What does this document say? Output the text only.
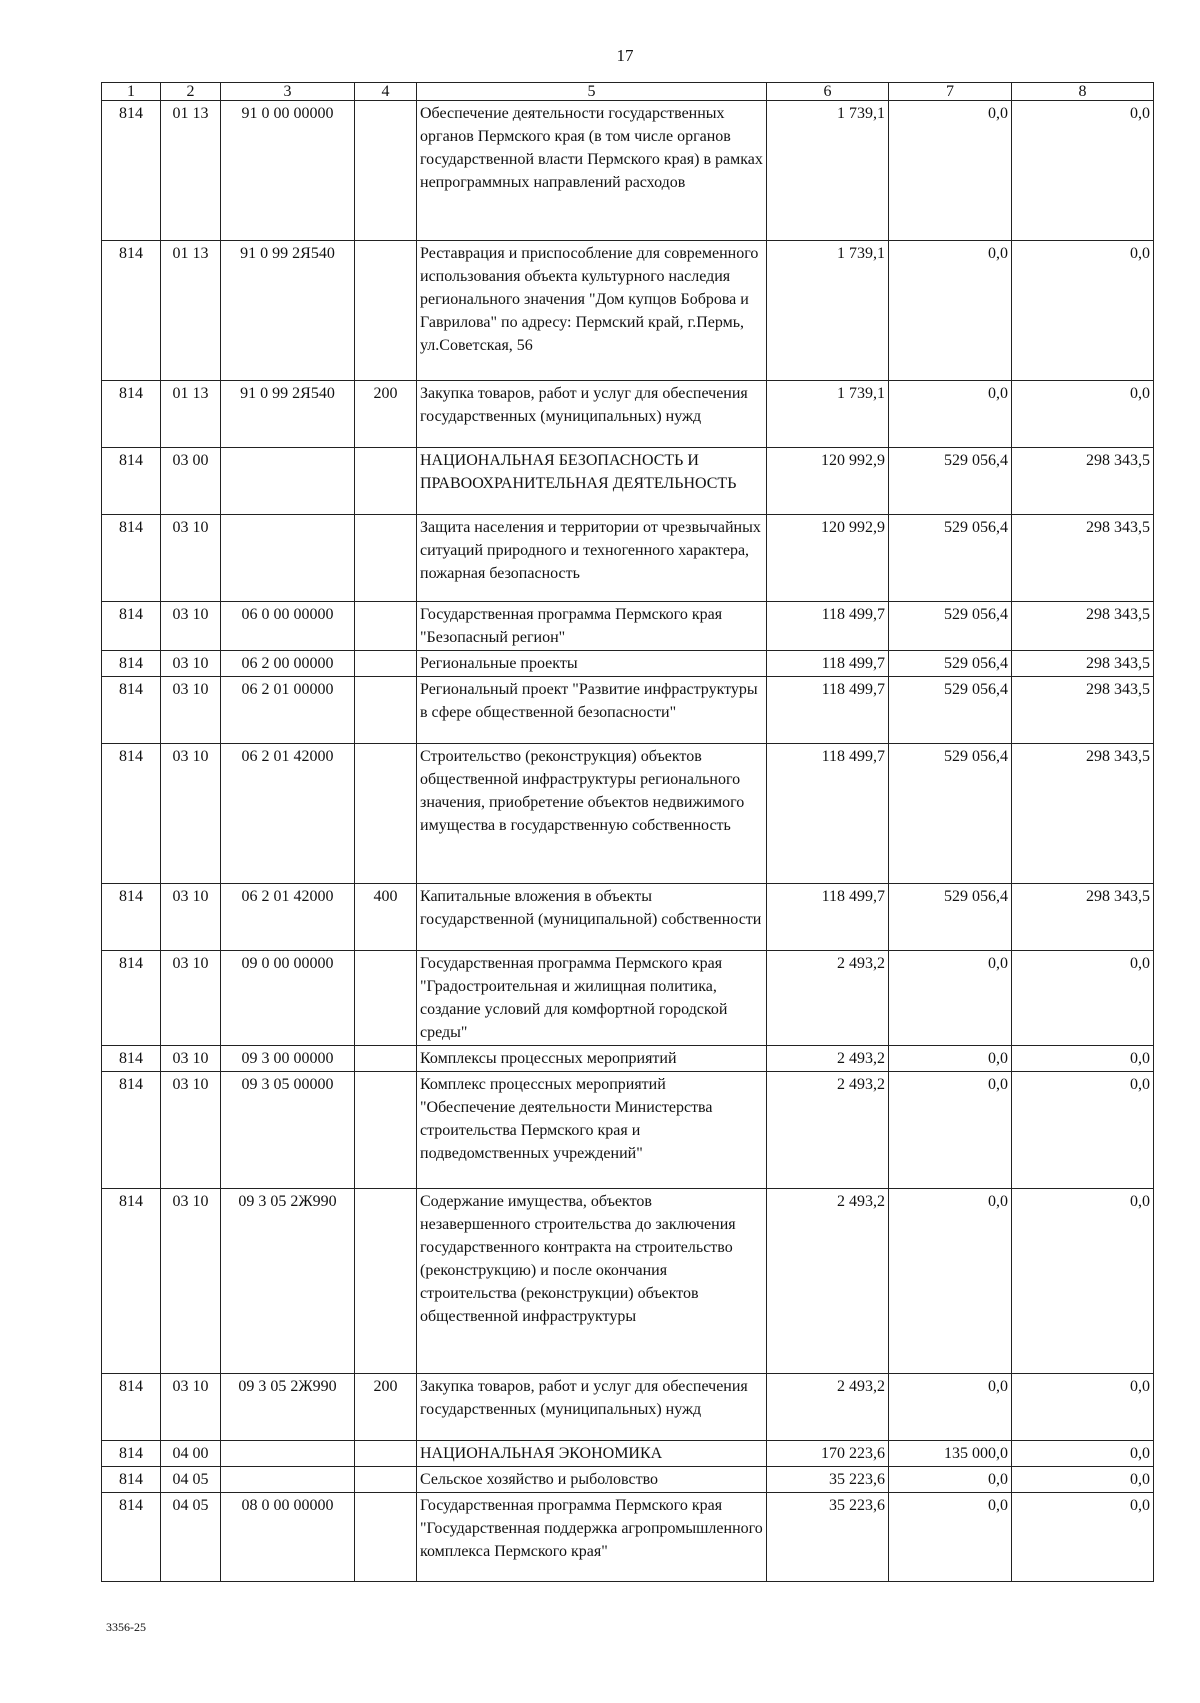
17
1	2	3	4	5	6	7	8
814	01 13	91 0 00 00000		Обеспечение деятельности государственных органов Пермского края (в том числе органов государственной власти Пермского края) в рамках непрограммных направлений расходов	1 739,1	0,0	0,0
814	01 13	91 0 99 2Я540		Реставрация и приспособление для современного использования объекта культурного наследия регионального значения "Дом купцов Боброва и Гаврилова" по адресу: Пермский край, г.Пермь, ул.Советская, 56	1 739,1	0,0	0,0
814	01 13	91 0 99 2Я540	200	Закупка товаров, работ и услуг для обеспечения государственных (муниципальных) нужд	1 739,1	0,0	0,0
814	03 00			НАЦИОНАЛЬНАЯ БЕЗОПАСНОСТЬ И ПРАВООХРАНИТЕЛЬНАЯ ДЕЯТЕЛЬНОСТЬ	120 992,9	529 056,4	298 343,5
814	03 10			Защита населения и территории от чрезвычайных ситуаций природного и техногенного характера, пожарная безопасность	120 992,9	529 056,4	298 343,5
814	03 10	06 0 00 00000		Государственная программа Пермского края "Безопасный регион"	118 499,7	529 056,4	298 343,5
814	03 10	06 2 00 00000		Региональные проекты	118 499,7	529 056,4	298 343,5
814	03 10	06 2 01 00000		Региональный проект "Развитие инфраструктуры в сфере общественной безопасности"	118 499,7	529 056,4	298 343,5
814	03 10	06 2 01 42000		Строительство (реконструкция) объектов общественной инфраструктуры регионального значения, приобретение объектов недвижимого имущества в государственную собственность	118 499,7	529 056,4	298 343,5
814	03 10	06 2 01 42000	400	Капитальные вложения в объекты государственной (муниципальной) собственности	118 499,7	529 056,4	298 343,5
814	03 10	09 0 00 00000		Государственная программа Пермского края "Градостроительная и жилищная политика, создание условий для комфортной городской среды"	2 493,2	0,0	0,0
814	03 10	09 3 00 00000		Комплексы процессных мероприятий	2 493,2	0,0	0,0
814	03 10	09 3 05 00000		Комплекс процессных мероприятий "Обеспечение деятельности Министерства строительства Пермского края и подведомственных учреждений"	2 493,2	0,0	0,0
814	03 10	09 3 05 2Ж990		Содержание имущества, объектов незавершенного строительства до заключения государственного контракта на строительство (реконструкцию) и после окончания строительства (реконструкции) объектов общественной инфраструктуры	2 493,2	0,0	0,0
814	03 10	09 3 05 2Ж990	200	Закупка товаров, работ и услуг для обеспечения государственных (муниципальных) нужд	2 493,2	0,0	0,0
814	04 00			НАЦИОНАЛЬНАЯ ЭКОНОМИКА	170 223,6	135 000,0	0,0
814	04 05			Сельское хозяйство и рыболовство	35 223,6	0,0	0,0
814	04 05	08 0 00 00000		Государственная программа Пермского края "Государственная поддержка агропромышленного комплекса Пермского края"	35 223,6	0,0	0,0
3356-25
